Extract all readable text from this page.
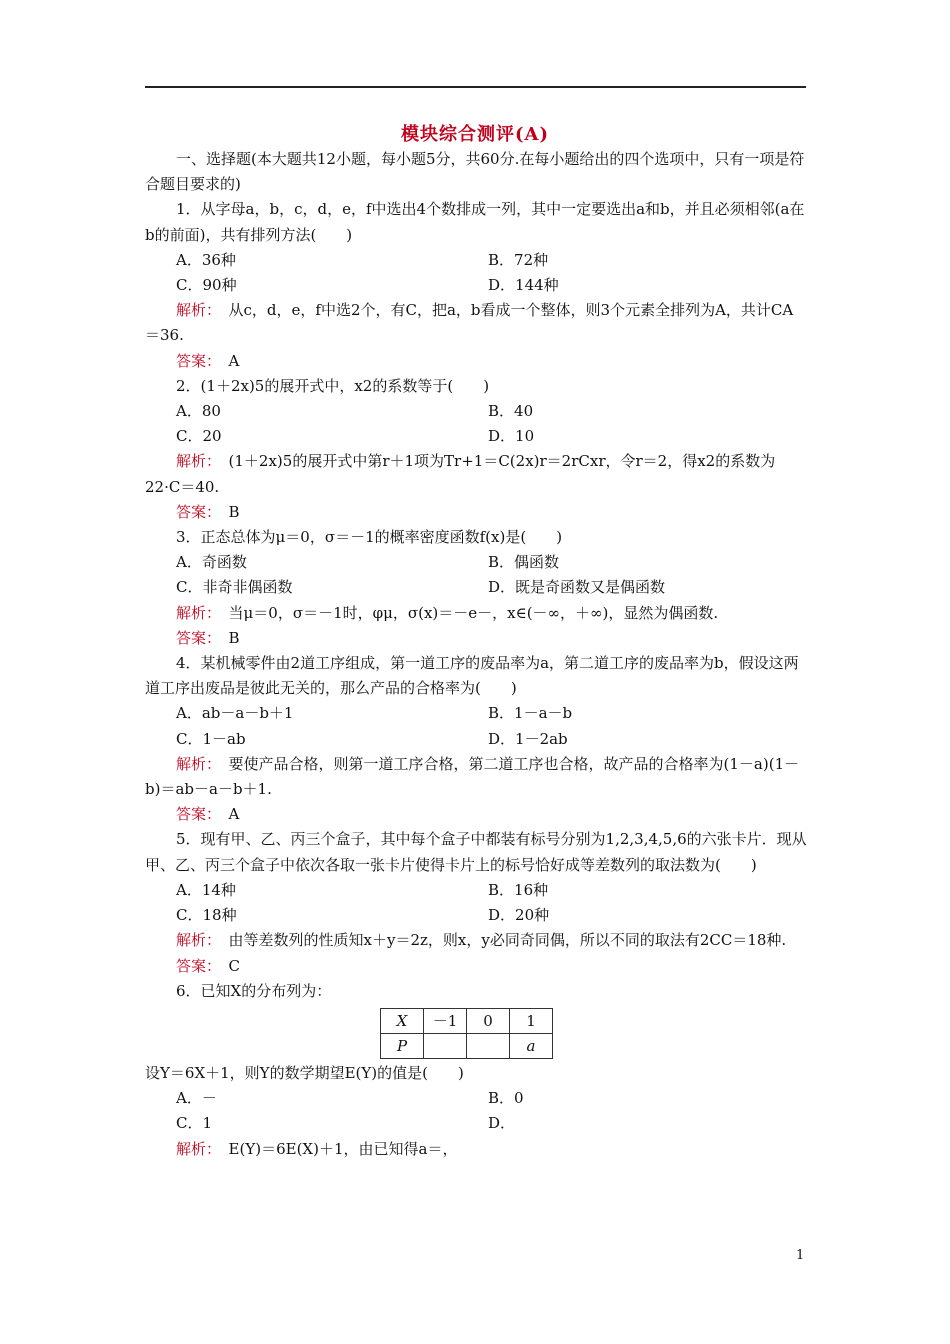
模块综合测评(A)

一、选择题(本大题共12小题，每小题5分，共60分.在每小题给出的四个选项中，只有一项是符合题目要求的)

1．从字母a，b，c，d，e，f中选出4个数排成一列，其中一定要选出a和b，并且必须相邻(a在b的前面)，共有排列方法(　　)

A．36种	B．72种
C．90种	D．144种

解析：　 从c，d，e，f中选2个，有C，把a，b看成一个整体，则3个元素全排列为A，共计CA＝36.

答案：　 A

2．(1＋2x)5的展开式中，x2的系数等于(　　)

A．80	B．40
C．20	D．10

解析：　 (1＋2x)5的展开式中第r＋1项为Tr+1＝C(2x)r＝2rCxr，令r＝2，得x2的系数为22·C＝40.

答案：　 B

3．正态总体为μ＝0，σ＝－1的概率密度函数f(x)是(　　)

A．奇函数	B．偶函数
C．非奇非偶函数	D．既是奇函数又是偶函数

解析：　 当μ＝0，σ＝－1时，φμ，σ(x)＝－e－，x∈(－∞，＋∞)，显然为偶函数.

答案：　 B

4．某机械零件由2道工序组成，第一道工序的废品率为a，第二道工序的废品率为b，假设这两道工序出废品是彼此无关的，那么产品的合格率为(　　)

A．ab－a－b＋1	B．1－a－b
C．1－ab	D．1－2ab

解析：　 要使产品合格，则第一道工序合格，第二道工序也合格，故产品的合格率为(1－a)(1－b)＝ab－a－b＋1.

答案：　 A

5．现有甲、乙、丙三个盒子，其中每个盒子中都装有标号分别为1,2,3,4,5,6的六张卡片．现从甲、乙、丙三个盒子中依次各取一张卡片使得卡片上的标号恰好成等差数列的取法数为(　　)

A．14种	B．16种
C．18种	D．20种

解析：　 由等差数列的性质知x＋y＝2z，则x，y必同奇同偶，所以不同的取法有2CC＝18种.

答案：　 C

6．已知X的分布列为：

X	－1	0	1
P			a

设Y＝6X＋1，则Y的数学期望E(Y)的值是(　　)

A．－	B．0
C．1	D．

解析：　 E(Y)＝6E(X)＋1，由已知得a＝，

1
